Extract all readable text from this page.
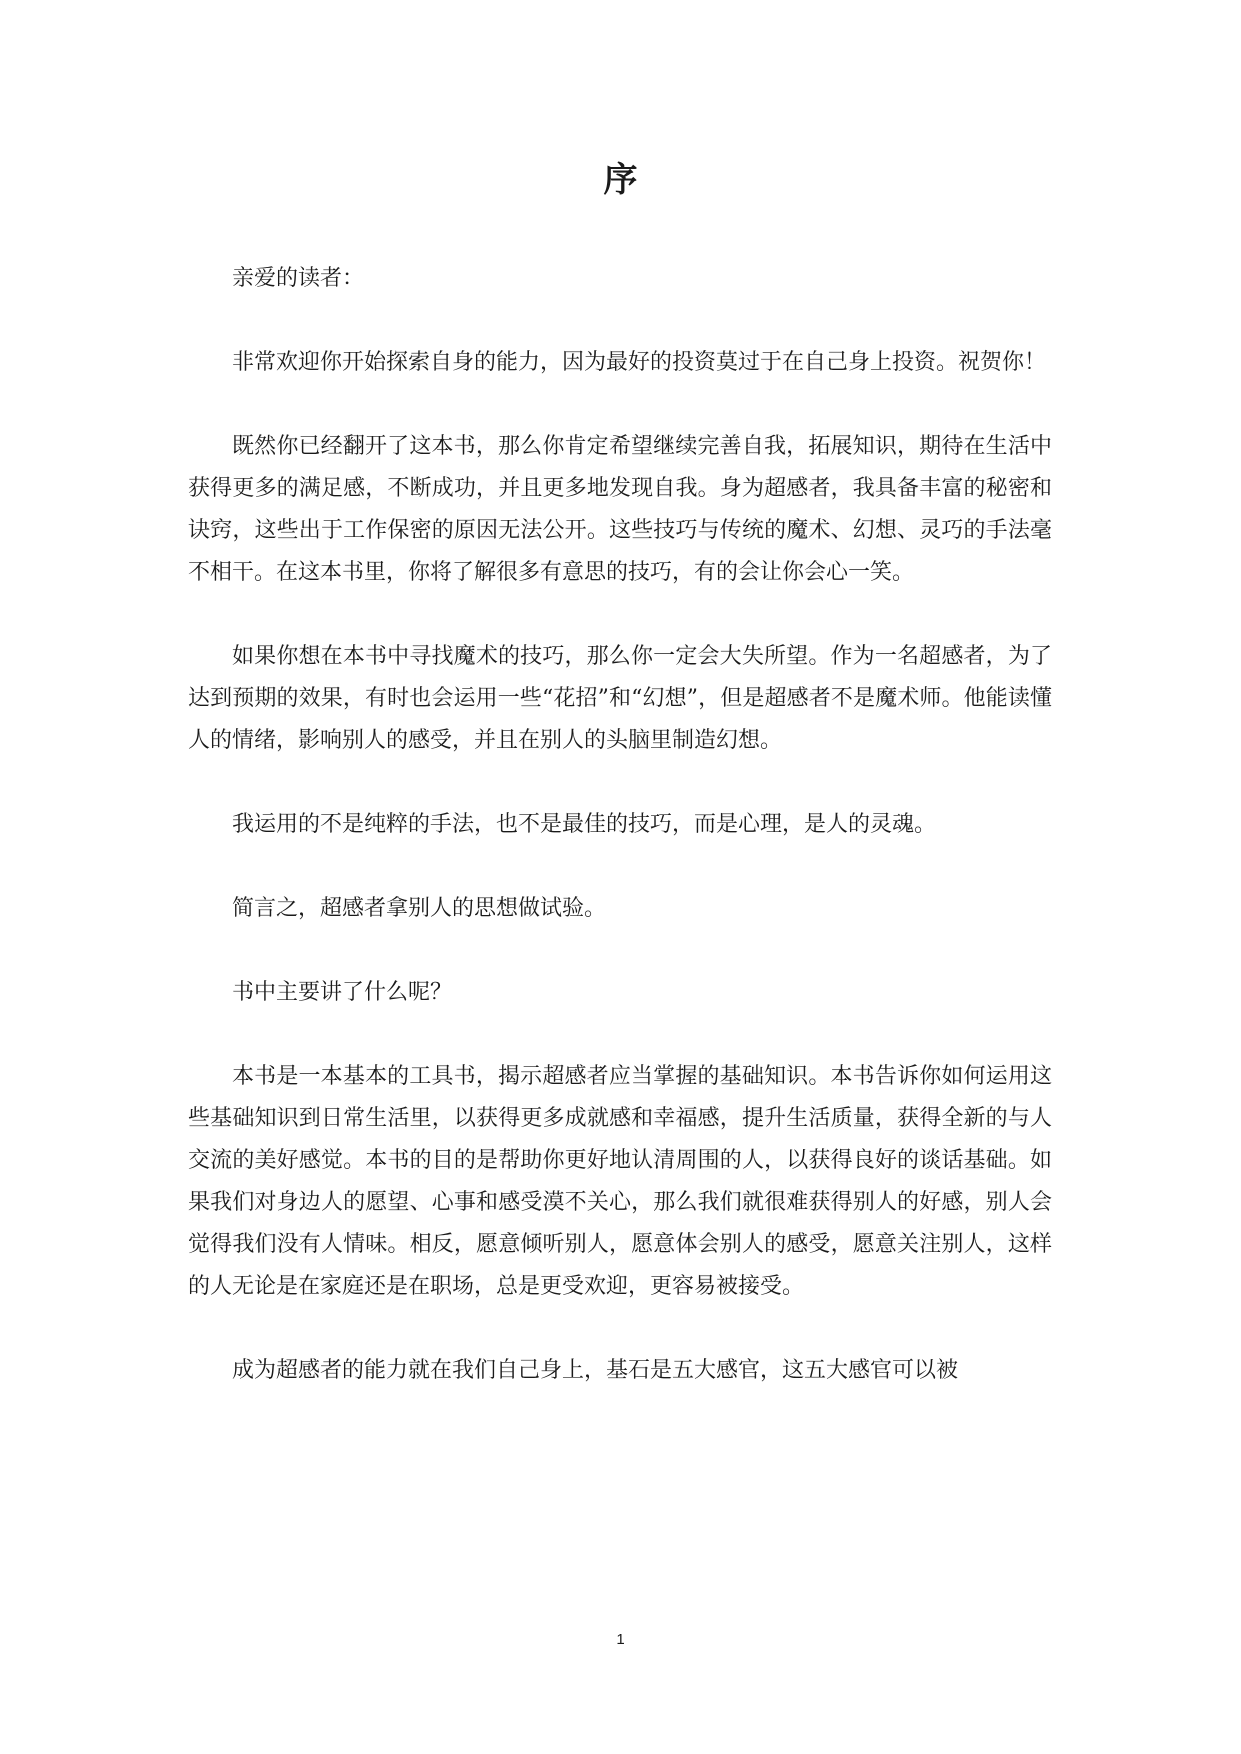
序

亲爱的读者：

非常欢迎你开始探索自身的能力，因为最好的投资莫过于在自己身上投资。祝贺你！

既然你已经翻开了这本书，那么你肯定希望继续完善自我，拓展知识，期待在生活中获得更多的满足感，不断成功，并且更多地发现自我。身为超感者，我具备丰富的秘密和诀窍，这些出于工作保密的原因无法公开。这些技巧与传统的魔术、幻想、灵巧的手法毫不相干。在这本书里，你将了解很多有意思的技巧，有的会让你会心一笑。

如果你想在本书中寻找魔术的技巧，那么你一定会大失所望。作为一名超感者，为了达到预期的效果，有时也会运用一些“花招”和“幻想”，但是超感者不是魔术师。他能读懂人的情绪，影响别人的感受，并且在别人的头脑里制造幻想。

我运用的不是纯粹的手法，也不是最佳的技巧，而是心理，是人的灵魂。

简言之，超感者拿别人的思想做试验。

书中主要讲了什么呢？

本书是一本基本的工具书，揭示超感者应当掌握的基础知识。本书告诉你如何运用这些基础知识到日常生活里，以获得更多成就感和幸福感，提升生活质量，获得全新的与人交流的美好感觉。本书的目的是帮助你更好地认清周围的人，以获得良好的谈话基础。如果我们对身边人的愿望、心事和感受漠不关心，那么我们就很难获得别人的好感，别人会觉得我们没有人情味。相反，愿意倾听别人，愿意体会别人的感受，愿意关注别人，这样的人无论是在家庭还是在职场，总是更受欢迎，更容易被接受。

成为超感者的能力就在我们自己身上，基石是五大感官，这五大感官可以被

1
